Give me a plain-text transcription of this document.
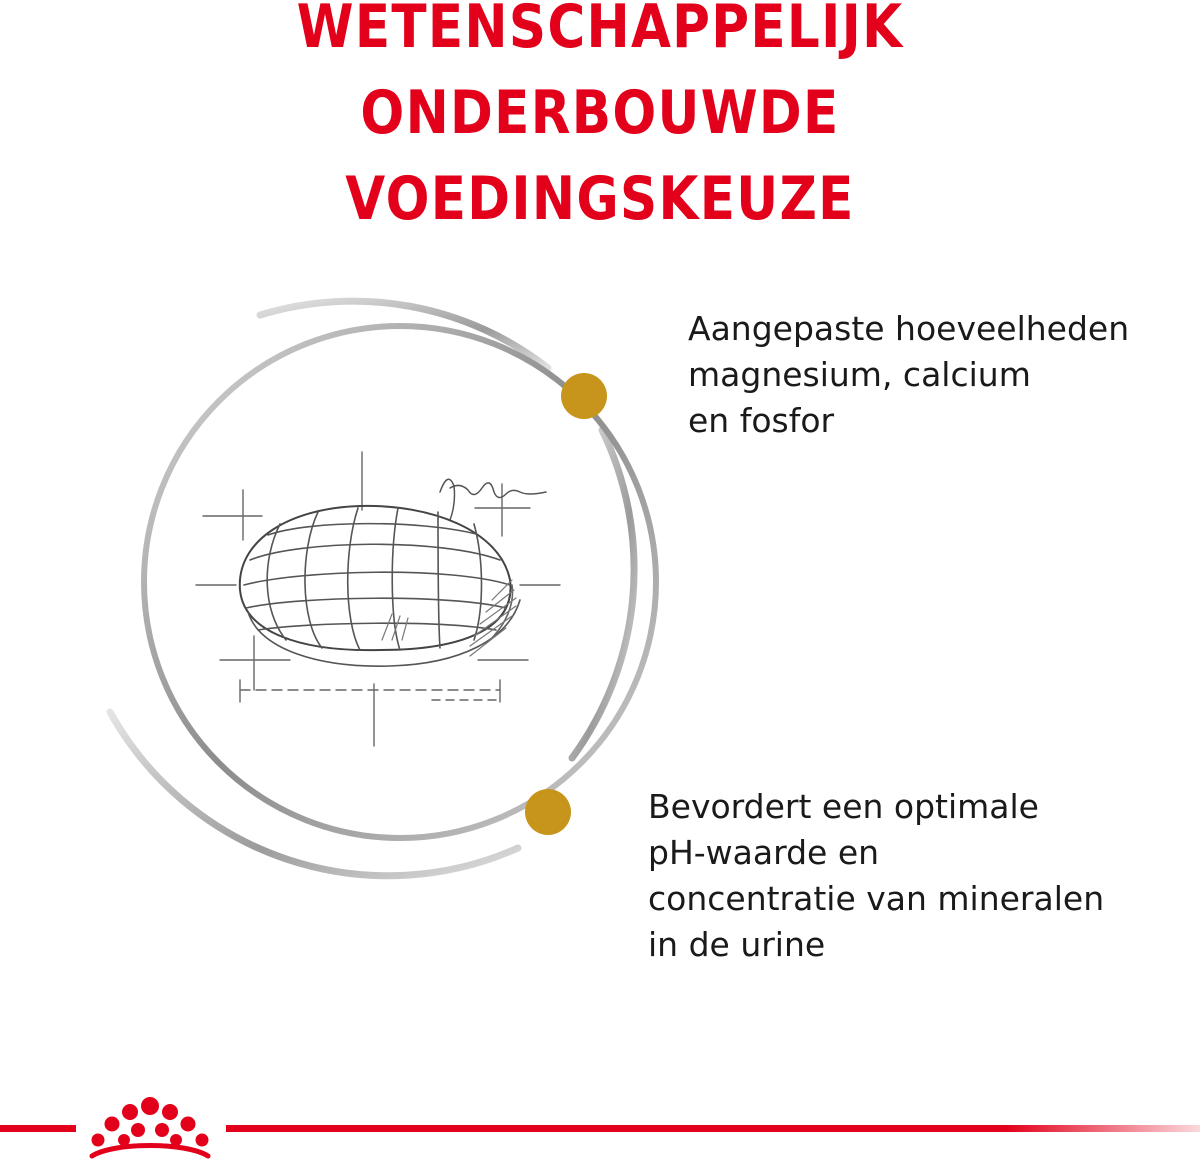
WETENSCHAPPELIJK ONDERBOUWDE
VOEDINGSKEUZE
Aangepaste hoeveelheden
magnesium, calcium
en fosfor
Bevordert een optimale
pH-waarde en
concentratie van mineralen
in de urine
